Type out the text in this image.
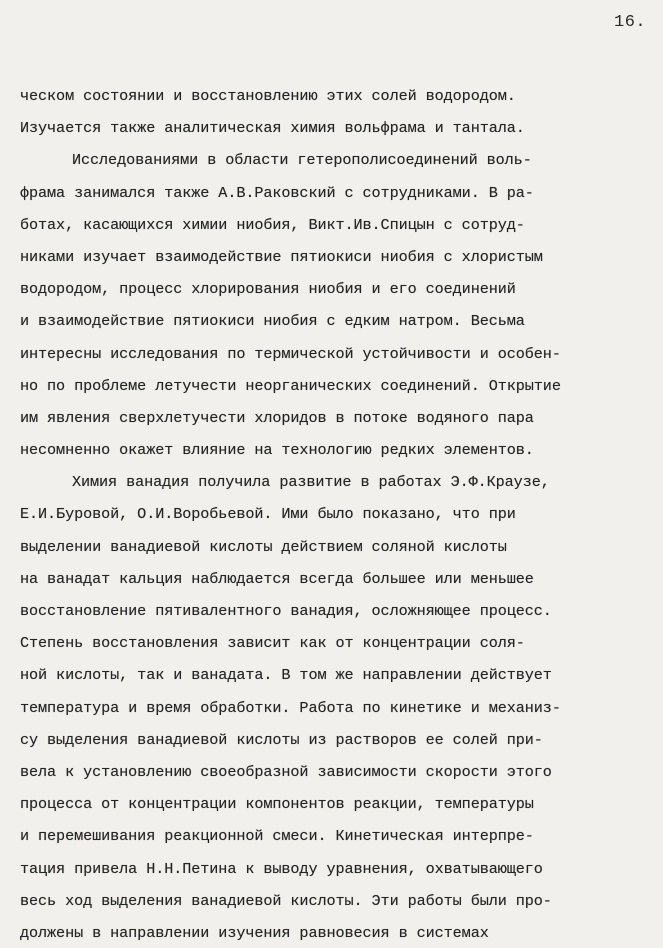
16.
ческом состоянии и восстановлению этих солей водородом.
Изучается также аналитическая химия вольфрама и тантала.
Исследованиями в области гетерополисоединений воль-
фрама занимался также А.В.Раковский с сотрудниками. В ра-
ботах, касающихся химии ниобия, Викт.Ив.Спицын с сотруд-
никами изучает взаимодействие пятиокиси ниобия с хлористым
водородом, процесс хлорирования ниобия и его соединений
и взаимодействие пятиокиси ниобия с едким натром. Весьма
интересны исследования по термической устойчивости и особен-
но по проблеме летучести неорганических соединений. Открытие
им явления сверхлетучести хлоридов в потоке водяного пара
несомненно окажет влияние на технологию редких элементов.
Химия ванадия получила развитие в работах Э.Ф.Краузе,
Е.И.Буровой, О.И.Воробьевой. Ими было показано, что при
выделении ванадиевой кислоты действием соляной кислоты
на ванадат кальция наблюдается всегда большее или меньшее
восстановление пятивалентного ванадия, осложняющее процесс.
Степень восстановления зависит как от концентрации соля-
ной кислоты, так и ванадата. В том же направлении действует
температура и время обработки. Работа по кинетике и механиз-
су выделения ванадиевой кислоты из растворов ее солей при-
вела к установлению своеобразной зависимости скорости этого
процесса от концентрации компонентов реакции, температуры
и перемешивания реакционной смеси. Кинетическая интерпре-
тация привела Н.Н.Петина к выводу уравнения, охватывающего
весь ход выделения ванадиевой кислоты. Эти работы были про-
должены в направлении изучения равновесия в системах
